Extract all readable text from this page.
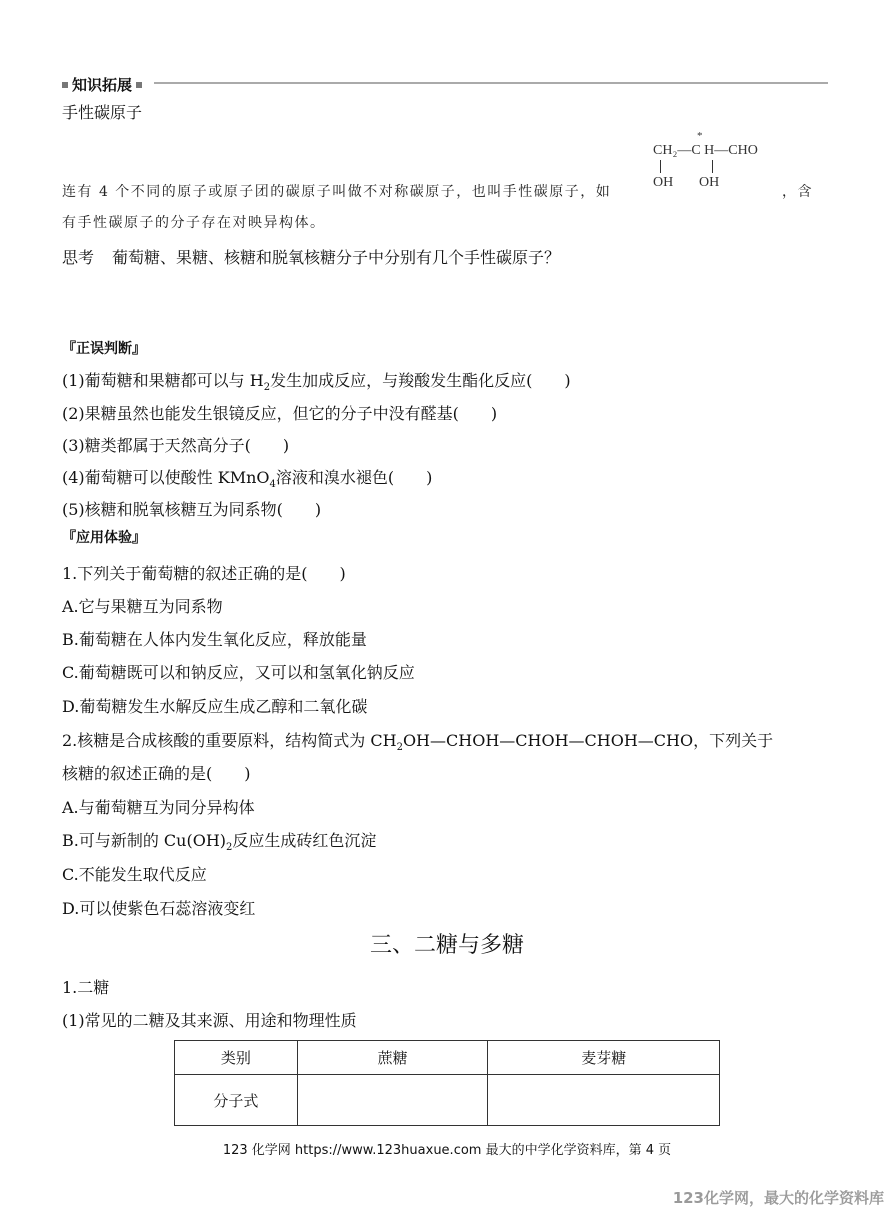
知识拓展
手性碳原子
*
CH₂—C H—CHO
OH OH
连有 4 个不同的原子或原子团的碳原子叫做不对称碳原子，也叫手性碳原子，如	，含
有手性碳原子的分子存在对映异构体。
思考 葡萄糖、果糖、核糖和脱氧核糖分子中分别有几个手性碳原子？
『正误判断』
(1)葡萄糖和果糖都可以与 $H_2$发生加成反应，与羧酸发生酯化反应(　　)
(2)果糖虽然也能发生银镜反应，但它的分子中没有醛基(　　)
(3)糖类都属于天然高分子(　　)
(4)葡萄糖可以使酸性 KMnO$_4$溶液和溴水褪色(　　)
(5)核糖和脱氧核糖互为同系物(　　)
『应用体验』
1.下列关于葡萄糖的叙述正确的是(　　)
A.它与果糖互为同系物
B.葡萄糖在人体内发生氧化反应，释放能量
C.葡萄糖既可以和钠反应，又可以和氢氧化钠反应
D.葡萄糖发生水解反应生成乙醇和二氧化碳
2.核糖是合成核酸的重要原料，结构简式为 $CH_2OH—CHOH—CHOH—CHOH—CHO$，下列关于
核糖的叙述正确的是(　　)
A.与葡萄糖互为同分异构体
B.可与新制的 $Cu(OH)_2$反应生成砖红色沉淀
C.不能发生取代反应
D.可以使紫色石蕊溶液变红
三、二糖与多糖
1.二糖
(1)常见的二糖及其来源、用途和物理性质
类别	蔗糖	麦芽糖
分子式		
123 化学网 https://www.123huaxue.com 最大的中学化学资料库，第 4 页
123化学网，最大的化学资料库
